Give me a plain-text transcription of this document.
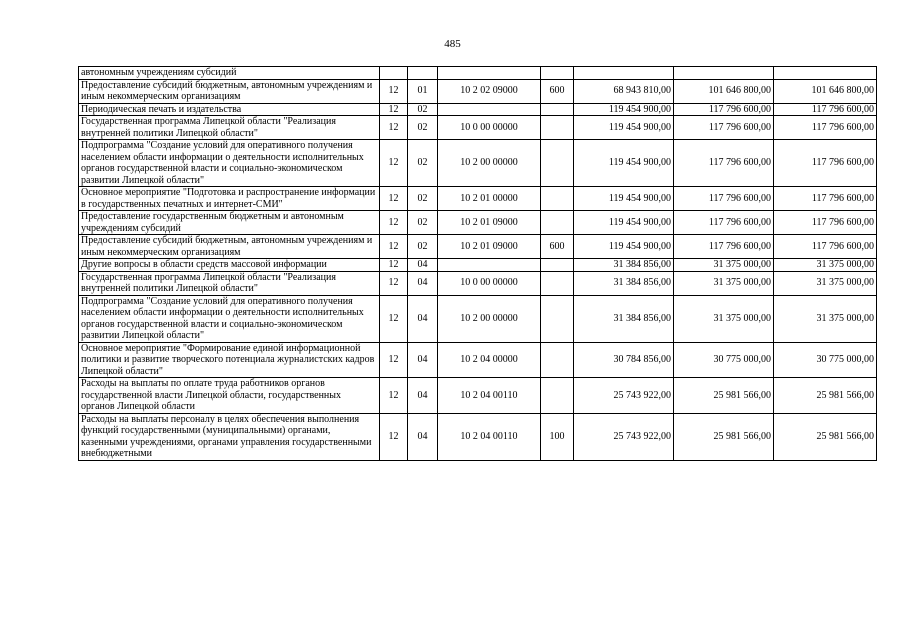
485
автономным учреждениям субсидий							
Предоставление субсидий бюджетным, автономным учреждениям и иным некоммерческим организациям	12	01	10 2 02 09000	600	68 943 810,00	101 646 800,00	101 646 800,00
Периодическая печать и издательства	12	02			119 454 900,00	117 796 600,00	117 796 600,00
Государственная программа Липецкой области "Реализация внутренней политики Липецкой области"	12	02	10 0 00 00000		119 454 900,00	117 796 600,00	117 796 600,00
Подпрограмма "Создание условий для оперативного получения населением области информации о деятельности исполнительных органов государственной власти и социально-экономическом развитии Липецкой области"	12	02	10 2 00 00000		119 454 900,00	117 796 600,00	117 796 600,00
Основное мероприятие "Подготовка и распространение информации в государственных печатных и интернет-СМИ"	12	02	10 2 01 00000		119 454 900,00	117 796 600,00	117 796 600,00
Предоставление государственным бюджетным и автономным учреждениям субсидий	12	02	10 2 01 09000		119 454 900,00	117 796 600,00	117 796 600,00
Предоставление субсидий бюджетным, автономным учреждениям и иным некоммерческим организациям	12	02	10 2 01 09000	600	119 454 900,00	117 796 600,00	117 796 600,00
Другие вопросы в области средств массовой информации	12	04			31 384 856,00	31 375 000,00	31 375 000,00
Государственная программа Липецкой области "Реализация внутренней политики Липецкой области"	12	04	10 0 00 00000		31 384 856,00	31 375 000,00	31 375 000,00
Подпрограмма "Создание условий для оперативного получения населением области информации о деятельности исполнительных органов государственной власти и социально-экономическом развитии Липецкой области"	12	04	10 2 00 00000		31 384 856,00	31 375 000,00	31 375 000,00
Основное мероприятие "Формирование единой информационной политики и развитие творческого потенциала журналистских кадров Липецкой области"	12	04	10 2 04 00000		30 784 856,00	30 775 000,00	30 775 000,00
Расходы на выплаты по оплате труда работников органов государственной власти Липецкой области, государственных органов Липецкой области	12	04	10 2 04 00110		25 743 922,00	25 981 566,00	25 981 566,00
Расходы на выплаты персоналу в целях обеспечения выполнения функций государственными (муниципальными) органами, казенными учреждениями, органами управления государственными внебюджетными	12	04	10 2 04 00110	100	25 743 922,00	25 981 566,00	25 981 566,00
